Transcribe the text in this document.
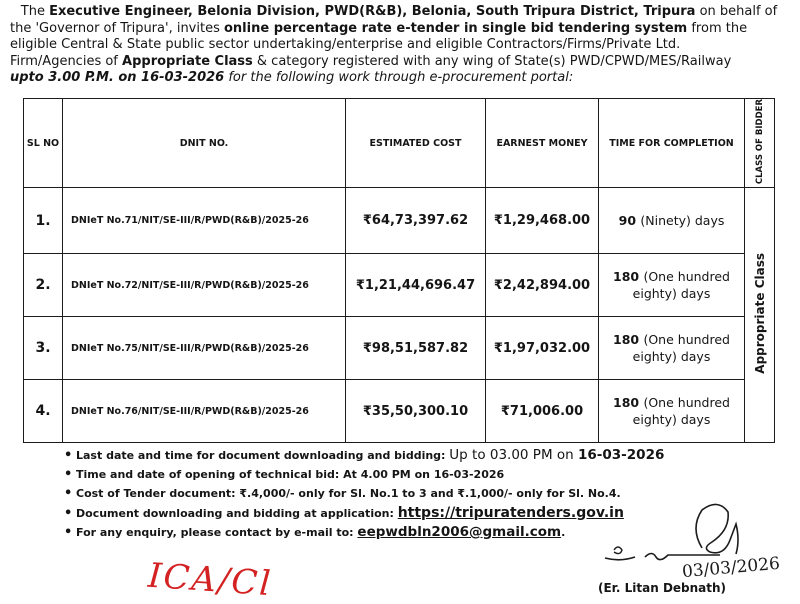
The Executive Engineer, Belonia Division, PWD(R&B), Belonia, South Tripura District, Tripura on behalf of
the 'Governor of Tripura', invites online percentage rate e-tender in single bid tendering system from the
eligible Central & State public sector undertaking/enterprise and eligible Contractors/Firms/Private Ltd.
Firm/Agencies of Appropriate Class & category registered with any wing of State(s) PWD/CPWD/MES/Railway
upto 3.00 P.M. on 16-03-2026 for the following work through e-procurement portal:
SL NO	DNIT NO.	ESTIMATED COST	EARNEST MONEY	TIME FOR COMPLETION	CLASS OF BIDDER
1.	DNIeT No.71/NIT/SE-III/R/PWD(R&B)/2025-26	₹64,73,397.62	₹1,29,468.00	90 (Ninety) days	Appropriate Class
2.	DNIeT No.72/NIT/SE-III/R/PWD(R&B)/2025-26	₹1,21,44,696.47	₹2,42,894.00	180 (One hundred eighty) days	
3.	DNIeT No.75/NIT/SE-III/R/PWD(R&B)/2025-26	₹98,51,587.82	₹1,97,032.00	180 (One hundred eighty) days	
4.	DNIeT No.76/NIT/SE-III/R/PWD(R&B)/2025-26	₹35,50,300.10	₹71,006.00	180 (One hundred eighty) days	
• Last date and time for document downloading and bidding: Up to 03.00 PM on 16-03-2026
• Time and date of opening of technical bid: At 4.00 PM on 16-03-2026
• Cost of Tender document: ₹.4,000/- only for Sl. No.1 to 3 and ₹.1,000/- only for Sl. No.4.
• Document downloading and bidding at application: https://tripuratenders.gov.in
• For any enquiry, please contact by e-mail to: eepwdbln2006@gmail.com.
ICA/Cl	03/03/2026
(Er. Litan Debnath)
